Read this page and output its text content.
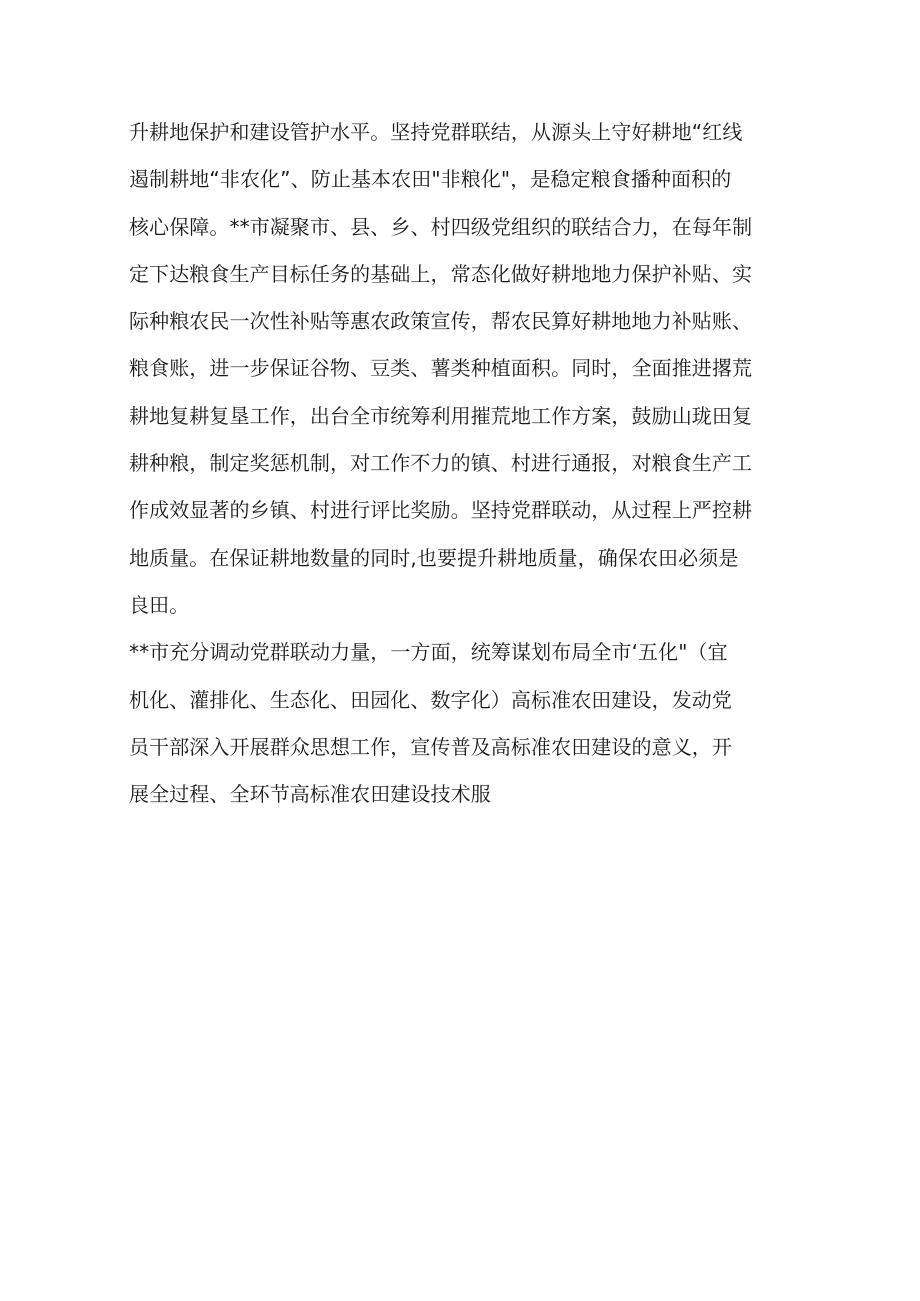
升耕地保护和建设管护水平。坚持党群联结，从源头上守好耕地“红线
遏制耕地“非农化”、防止基本农田"非粮化"，是稳定粮食播种面积的
核心保障。**市凝聚市、县、乡、村四级党组织的联结合力，在每年制
定下达粮食生产目标任务的基础上，常态化做好耕地地力保护补贴、实
际种粮农民一次性补贴等惠农政策宣传，帮农民算好耕地地力补贴账、
粮食账，进一步保证谷物、豆类、薯类种植面积。同时，全面推进撂荒
耕地复耕复垦工作，出台全市统筹利用摧荒地工作方案，鼓励山珑田复
耕种粮，制定奖惩机制，对工作不力的镇、村进行通报，对粮食生产工
作成效显著的乡镇、村进行评比奖励。坚持党群联动，从过程上严控耕
地质量。在保证耕地数量的同时,也要提升耕地质量，确保农田必须是
良田。
**市充分调动党群联动力量，一方面，统筹谋划布局全市‘五化"（宜
机化、灌排化、生态化、田园化、数字化）高标准农田建设，发动党
员干部深入开展群众思想工作，宣传普及高标准农田建设的意义，开
展全过程、全环节高标准农田建设技术服
